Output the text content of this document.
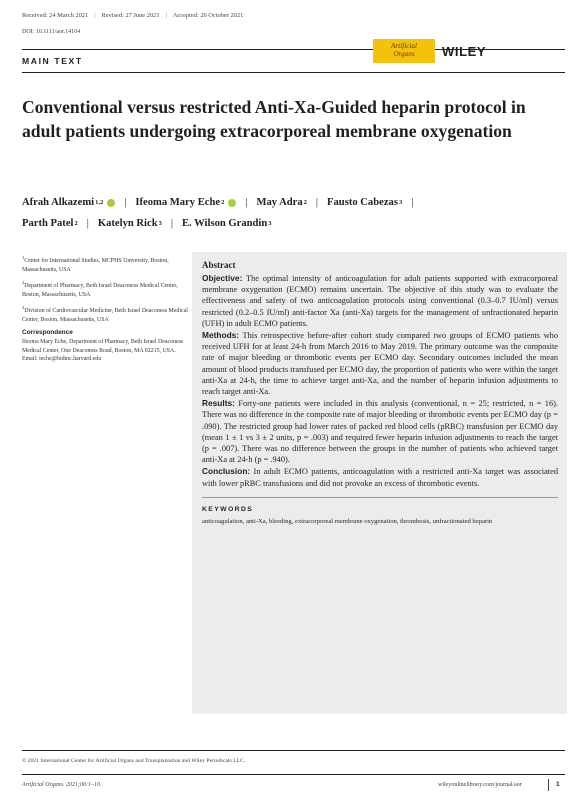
Received: 24 March 2021 | Revised: 27 June 2021 | Accepted: 20 October 2021
DOI: 10.1111/aor.14104
MAIN TEXT
Artificial
Organs WILEY
Conventional versus restricted Anti-Xa-Guided heparin protocol in adult patients undergoing extracorporeal membrane oxygenation
Afrah Alkazemi 1,2 | Ifeoma Mary Eche 2 | May Adra 2 | Fausto Cabezas 3 |
Parth Patel 2 | Katelyn Rick 3 | E. Wilson Grandin 3

$^1$Center for International Studies, MCPHS University, Boston, Massachusetts, USA

$^2$Department of Pharmacy, Beth Israel Deaconess Medical Center, Boston, Massachusetts, USA

$^3$Division of Cardiovascular Medicine, Beth Israel Deaconess Medical Center, Boston, Massachusetts, USA

Correspondence
Ifeoma Mary Eche, Department of Pharmacy, Beth Israel Deaconess Medical Center, One Deaconess Road, Boston, MA 02215, USA.
Email: ieche@bidmc.harvard.edu
Abstract

Objective: The optimal intensity of anticoagulation for adult patients supported with extracorporeal membrane oxygenation (ECMO) remains uncertain. The objective of this study was to evaluate the effectiveness and safety of two anticoagulation protocols using conventional (0.3–0.7 IU/ml) versus restricted (0.2–0.5 IU/ml) anti-factor Xa (anti-Xa) targets for the management of unfractionated heparin (UFH) in adult ECMO patients.

Methods: This retrospective before-after cohort study compared two groups of ECMO patients who received UFH for at least 24-h from March 2016 to May 2019. The primary outcome was the composite rate of major bleeding or thrombotic events per ECMO day. Secondary outcomes included the mean amount of blood products transfused per ECMO day, the proportion of patients who were within the target anti-Xa at 24-h, the time to achieve target anti-Xa, and the number of heparin infusion adjustments to reach target anti-Xa.

Results: Forty-one patients were included in this analysis (conventional, n = 25; restricted, n = 16). There was no difference in the composite rate of major bleeding or thrombotic events per ECMO day (p = .090). The restricted group had lower rates of packed red blood cells (pRBC) transfusion per ECMO day (mean 1 ± 1 vs 3 ± 2 units, p = .003) and required fewer heparin infusion adjustments to reach the target (p = .007). There was no difference between the groups in the number of patients who achieved target anti-Xa at 24-h (p = .940).

Conclusion: In adult ECMO patients, anticoagulation with a restricted anti-Xa target was associated with lower pRBC transfusions and did not provoke an excess of thrombotic events.

KEYWORDS
anticoagulation, anti-Xa, bleeding, extracorporeal membrane oxygenation, thrombosis, unfractionated heparin
© 2021 International Center for Artificial Organs and Transplantation and Wiley Periodicals LLC.
Artificial Organs. 2021;00:1–10.	wileyonlinelibrary.com/journal/aor	1
